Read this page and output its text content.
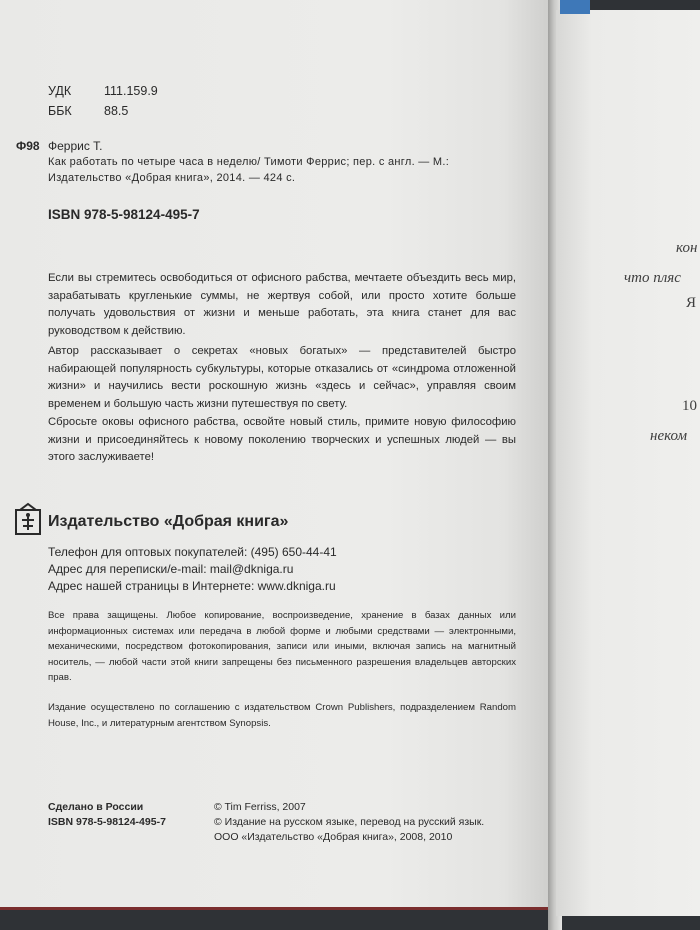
УДК	111.159.9
ББК	88.5
Ф98 Феррис Т.
Как работать по четыре часа в неделю/ Тимоти Феррис; пер. с англ. — М.:
Издательство «Добрая книга», 2014. — 424 с.
ISBN 978-5-98124-495-7

Если вы стремитесь освободиться от офисного рабства, мечтаете объездить весь мир, зарабатывать кругленькие суммы, не жертвуя собой, или просто хотите больше получать удовольствия от жизни и меньше работать, эта книга станет для вас руководством к действию.

Автор рассказывает о секретах «новых богатых» — представителей быстро набирающей популярность субкультуры, которые отказались от «синдрома отложенной жизни» и научились вести роскошную жизнь «здесь и сейчас», управляя своим временем и большую часть жизни путешествуя по свету.

Сбросьте оковы офисного рабства, освойте новый стиль, примите новую философию жизни и присоединяйтесь к новому поколению творческих и успешных людей — вы этого заслуживаете!

Издательство «Добрая книга»
Телефон для оптовых покупателей: (495) 650-44-41
Адрес для переписки/e-mail: mail@dkniga.ru
Адрес нашей страницы в Интернете: www.dkniga.ru

Все права защищены. Любое копирование, воспроизведение, хранение в базах данных или информационных системах или передача в любой форме и любыми средствами — электронными, механическими, посредством фотокопирования, записи или иными, включая запись на магнитный носитель, — любой части этой книги запрещены без письменного разрешения владельцев авторских прав.

Издание осуществлено по соглашению с издательством Crown Publishers, подразделением Random House, Inc., и литературным агентством Synopsis.

Сделано в России
ISBN 978-5-98124-495-7
© Tim Ferriss, 2007
© Издание на русском языке, перевод на русский язык.
ООО «Издательство «Добрая книга», 2008, 2010
кон
что пляс
Я
10
неком
